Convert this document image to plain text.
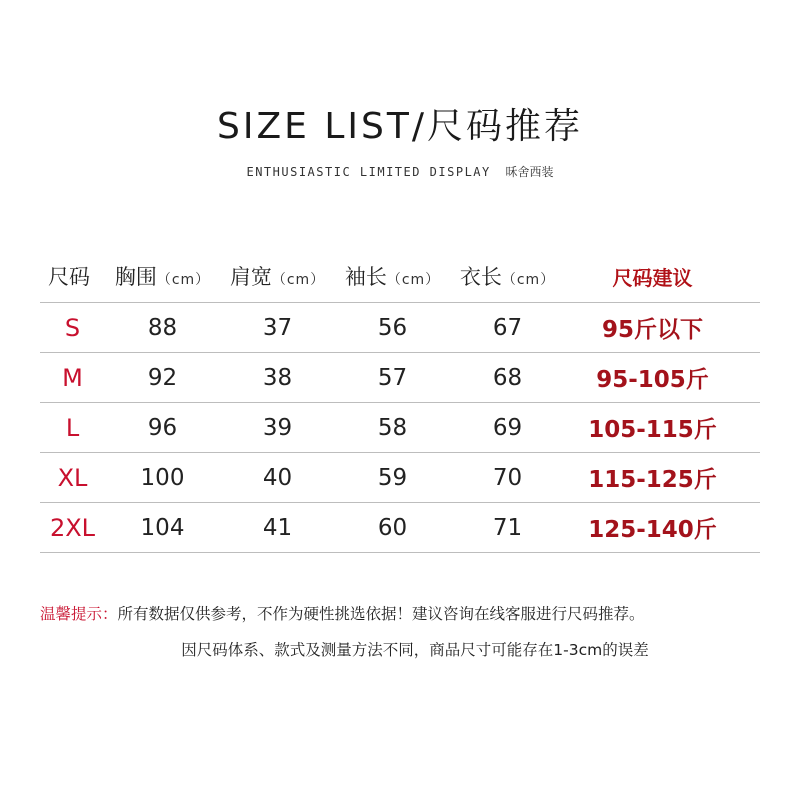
SIZE LIST/尺码推荐
ENTHUSIASTIC LIMITED DISPLAY 咊舍西装
尺码	胸围（cm） 肩宽（cm） 袖长（cm） 衣长（cm）	尺码建议
S	88	37	56	67	95斤以下
M	92	38	57	68	95-105斤
L	96	39	58	69	105-115斤
XL	100	40	59	70	115-125斤
2XL	104	41	60	71	125-140斤
温馨提示：所有数据仅供参考，不作为硬性挑选依据！建议咨询在线客服进行尺码推荐。
因尺码体系、款式及测量方法不同，商品尺寸可能存在1-3cm的误差
